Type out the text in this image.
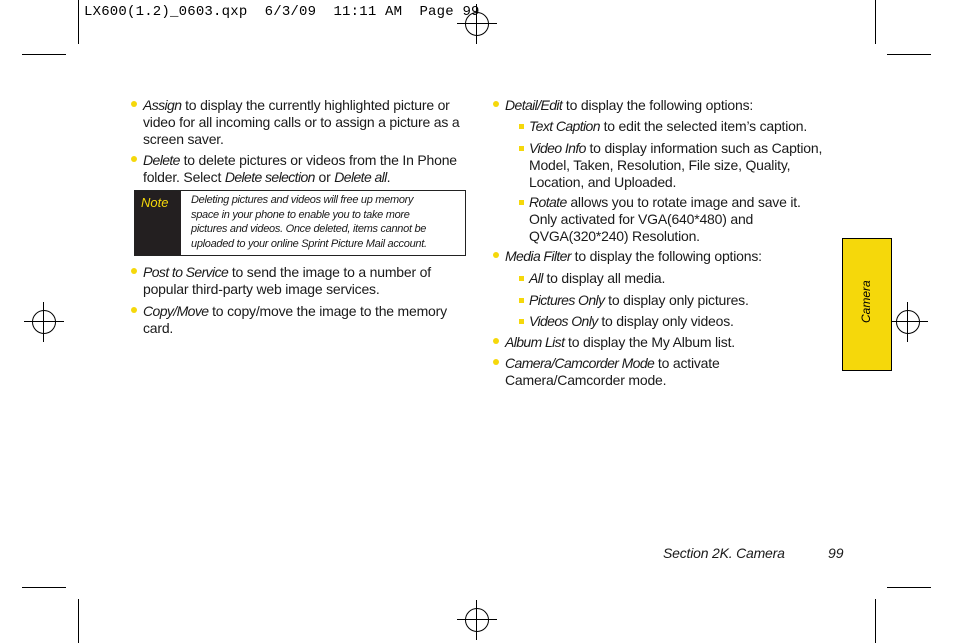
LX600(1.2)_0603.qxp  6/3/09  11:11 AM  Page 99
Assign to display the currently highlighted picture or
video for all incoming calls or to assign a picture as a
screen saver.
Delete to delete pictures or videos from the In Phone
folder. Select Delete selection or Delete all.
Note	Deleting pictures and videos will free up memory
space in your phone to enable you to take more
pictures and videos. Once deleted, items cannot be
uploaded to your online Sprint Picture Mail account.
Post to Service to send the image to a number of
popular third-party web image services.
Copy/Move to copy/move the image to the memory
card.
Detail/Edit to display the following options:
Text Caption to edit the selected item’s caption.
Video Info to display information such as Caption,
Model, Taken, Resolution, File size, Quality,
Location, and Uploaded.
Rotate allows you to rotate image and save it.
Only activated for VGA(640*480) and
QVGA(320*240) Resolution.
Media Filter to display the following options:
All to display all media.
Pictures Only to display only pictures.
Videos Only to display only videos.
Album List to display the My Album list.
Camera/Camcorder Mode to activate
Camera/Camcorder mode.
Camera
Section 2K. Camera	99
